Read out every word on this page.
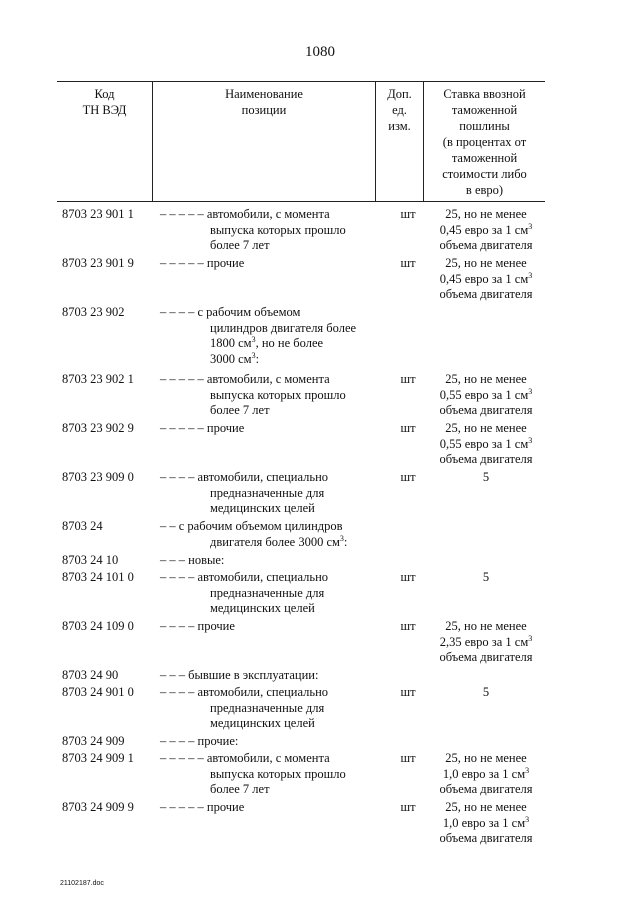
1080
Код
ТН ВЭД
Наименование
позиции
Доп.
ед.
изм.
Ставка ввозной
таможенной
пошлины
(в процентах от
таможенной
стоимости либо
в евро)
8703 23 901 1	– – – – – автомобили, с момента
выпуска которых прошло
более 7 лет
шт	25, но не менее
0,45 евро за 1 $см^3$
объема двигателя
8703 23 901 9	– – – – – прочие	шт	25, но не менее
0,45 евро за 1 $см^3$
объема двигателя
8703 23 902	– – – – с рабочим объемом
цилиндров двигателя более
1800 $см^3$, но не более
3000 $см^3$:
8703 23 902 1	– – – – – автомобили, с момента
выпуска которых прошло
более 7 лет
шт	25, но не менее
0,55 евро за 1 $см^3$
объема двигателя
8703 23 902 9	– – – – – прочие	шт	25, но не менее
0,55 евро за 1 $см^3$
объема двигателя
8703 23 909 0	– – – – автомобили, специально
предназначенные для
медицинских целей
шт	5
8703 24	– – с рабочим объемом цилиндров
двигателя более 3000 $см^3$:
8703 24 10	– – – новые:
8703 24 101 0	– – – – автомобили, специально
предназначенные для
медицинских целей
шт	5
8703 24 109 0	– – – – прочие	шт	25, но не менее
2,35 евро за 1 $см^3$
объема двигателя
8703 24 90	– – – бывшие в эксплуатации:
8703 24 901 0	– – – – автомобили, специально
предназначенные для
медицинских целей
шт	5
8703 24 909	– – – – прочие:
8703 24 909 1	– – – – – автомобили, с момента
выпуска которых прошло
более 7 лет
шт	25, но не менее
1,0 евро за 1 $см^3$
объема двигателя
8703 24 909 9	– – – – – прочие	шт	25, но не менее
1,0 евро за 1 $см^3$
объема двигателя
21102187.doc
